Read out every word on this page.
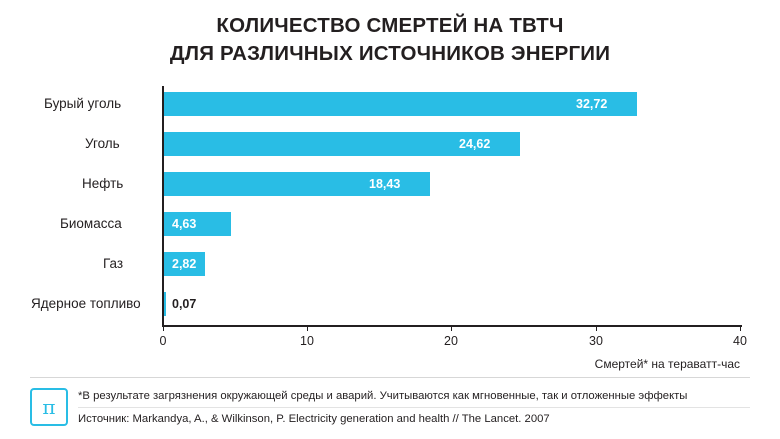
КОЛИЧЕСТВО СМЕРТЕЙ НА ТВТЧ
ДЛЯ РАЗЛИЧНЫХ ИСТОЧНИКОВ ЭНЕРГИИ
0	10	20	30	40
Бурый уголь	32,72
Уголь	24,62
Нефть	18,43
Биомасса	4,63
Газ	2,82
Ядерное топливо	0,07
Смертей* на тераватт-час
π	*В результате загрязнения окружающей среды и аварий. Учитываются как мгновенные, так и отложенные эффекты
Источник: Markandya, A., & Wilkinson, P. Electricity generation and health // The Lancet. 2007
